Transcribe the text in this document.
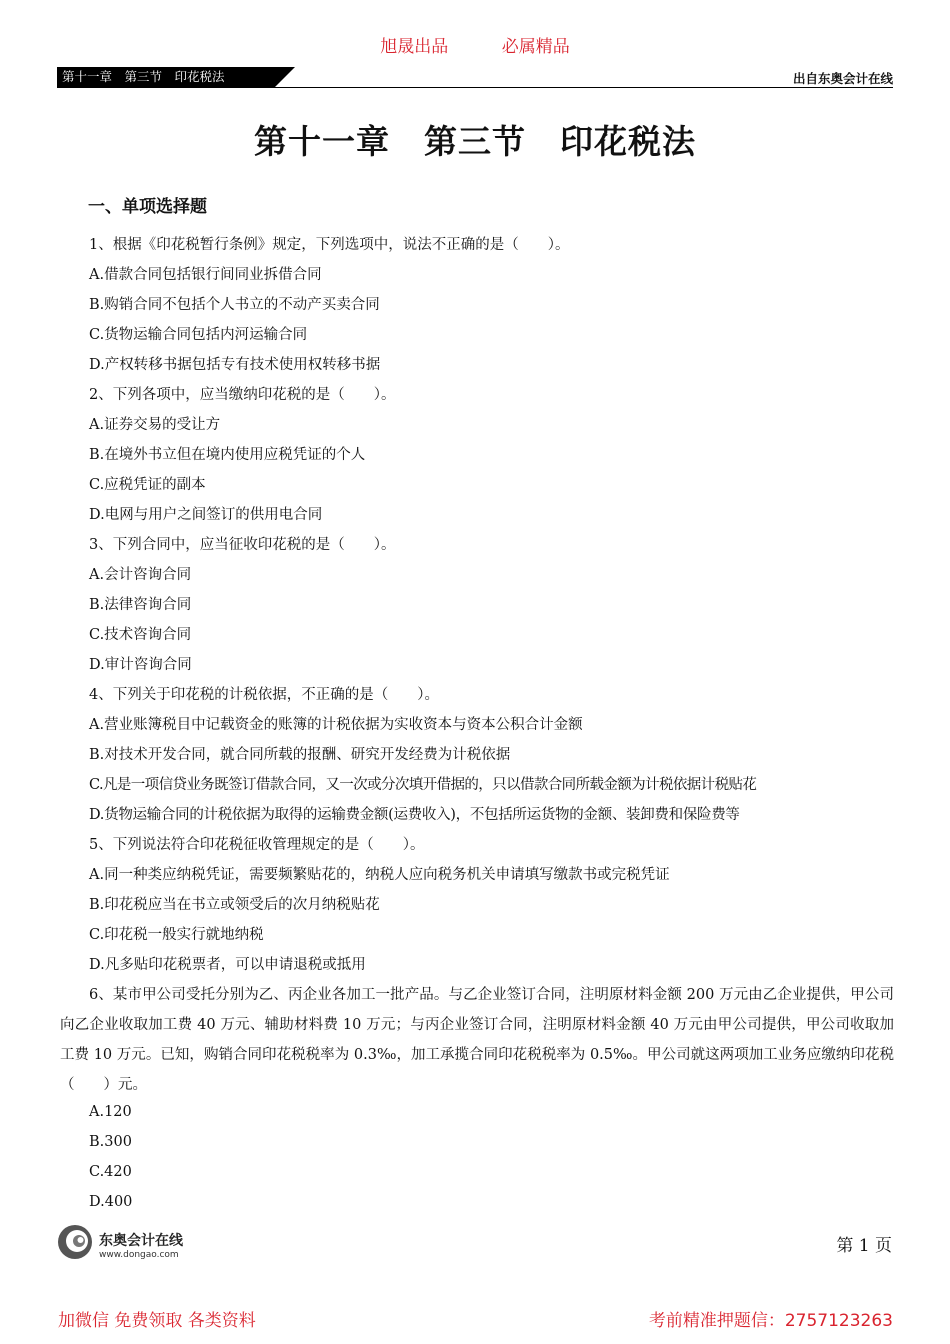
旭晟出品	必属精品
第十一章　第三节　印花税法	出自东奥会计在线
第十一章　第三节　印花税法
一、单项选择题
1、根据《印花税暂行条例》规定，下列选项中，说法不正确的是（　　）。
A.借款合同包括银行间同业拆借合同
B.购销合同不包括个人书立的不动产买卖合同
C.货物运输合同包括内河运输合同
D.产权转移书据包括专有技术使用权转移书据
2、下列各项中，应当缴纳印花税的是（　　）。
A.证券交易的受让方
B.在境外书立但在境内使用应税凭证的个人
C.应税凭证的副本
D.电网与用户之间签订的供用电合同
3、下列合同中，应当征收印花税的是（　　）。
A.会计咨询合同
B.法律咨询合同
C.技术咨询合同
D.审计咨询合同
4、下列关于印花税的计税依据，不正确的是（　　）。
A.营业账簿税目中记载资金的账簿的计税依据为实收资本与资本公积合计金额
B.对技术开发合同，就合同所载的报酬、研究开发经费为计税依据
C.凡是一项信贷业务既签订借款合同，又一次或分次填开借据的，只以借款合同所载金额为计税依据计税贴花
D.货物运输合同的计税依据为取得的运输费金额(运费收入)，不包括所运货物的金额、装卸费和保险费等
5、下列说法符合印花税征收管理规定的是（　　）。
A.同一种类应纳税凭证，需要频繁贴花的，纳税人应向税务机关申请填写缴款书或完税凭证
B.印花税应当在书立或领受后的次月纳税贴花
C.印花税一般实行就地纳税
D.凡多贴印花税票者，可以申请退税或抵用
6、某市甲公司受托分别为乙、丙企业各加工一批产品。与乙企业签订合同，注明原材料金额 200 万元由乙企业提供，甲公司向乙企业收取加工费 40 万元、辅助材料费 10 万元；与丙企业签订合同，注明原材料金额 40 万元由甲公司提供，甲公司收取加工费 10 万元。已知，购销合同印花税税率为 0.3‰，加工承揽合同印花税税率为 0.5‰。甲公司就这两项加工业务应缴纳印花税（　　）元。
A.120
B.300
C.420
D.400
东奥会计在线
www.dongao.com	第 1 页
加微信 免费领取 各类资料	考前精准押题信：2757123263
